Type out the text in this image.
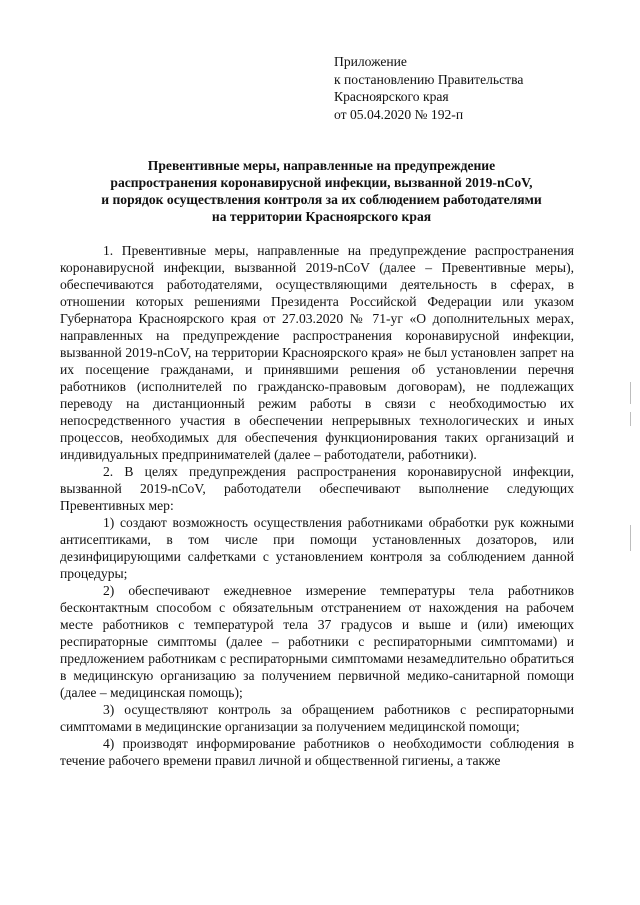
Приложение
к постановлению Правительства
Красноярского края
от 05.04.2020 № 192-п
Превентивные меры, направленные на предупреждение
распространения коронавирусной инфекции, вызванной 2019-nCoV,
и порядок осуществления контроля за их соблюдением работодателями
на территории Красноярского края

1. Превентивные меры, направленные на предупреждение распространения коронавирусной инфекции, вызванной 2019-nCoV (далее – Превентивные меры), обеспечиваются работодателями, осуществляющими деятельность в сферах, в отношении которых решениями Президента Российской Федерации или указом Губернатора Красноярского края от 27.03.2020 № 71-уг «О дополнительных мерах, направленных на предупреждение распространения коронавирусной инфекции, вызванной 2019-nCoV, на территории Красноярского края» не был установлен запрет на их посещение гражданами, и принявшими решения об установлении перечня работников (исполнителей по гражданско-правовым договорам), не подлежащих переводу на дистанционный режим работы в связи с необходимостью их непосредственного участия в обеспечении непрерывных технологических и иных процессов, необходимых для обеспечения функционирования таких организаций и индивидуальных предпринимателей (далее – работодатели, работники).

2. В целях предупреждения распространения коронавирусной инфекции, вызванной 2019-nCoV, работодатели обеспечивают выполнение следующих Превентивных мер:

1) создают возможность осуществления работниками обработки рук кожными антисептиками, в том числе при помощи установленных дозаторов, или дезинфицирующими салфетками с установлением контроля за соблюдением данной процедуры;

2) обеспечивают ежедневное измерение температуры тела работников бесконтактным способом с обязательным отстранением от нахождения на рабочем месте работников с температурой тела 37 градусов и выше и (или) имеющих респираторные симптомы (далее – работники с респираторными симптомами) и предложением работникам с респираторными симптомами незамедлительно обратиться в медицинскую организацию за получением первичной медико-санитарной помощи (далее – медицинская помощь);

3) осуществляют контроль за обращением работников с респираторными симптомами в медицинские организации за получением медицинской помощи;

4) производят информирование работников о необходимости соблюдения в течение рабочего времени правил личной и общественной гигиены, а также
